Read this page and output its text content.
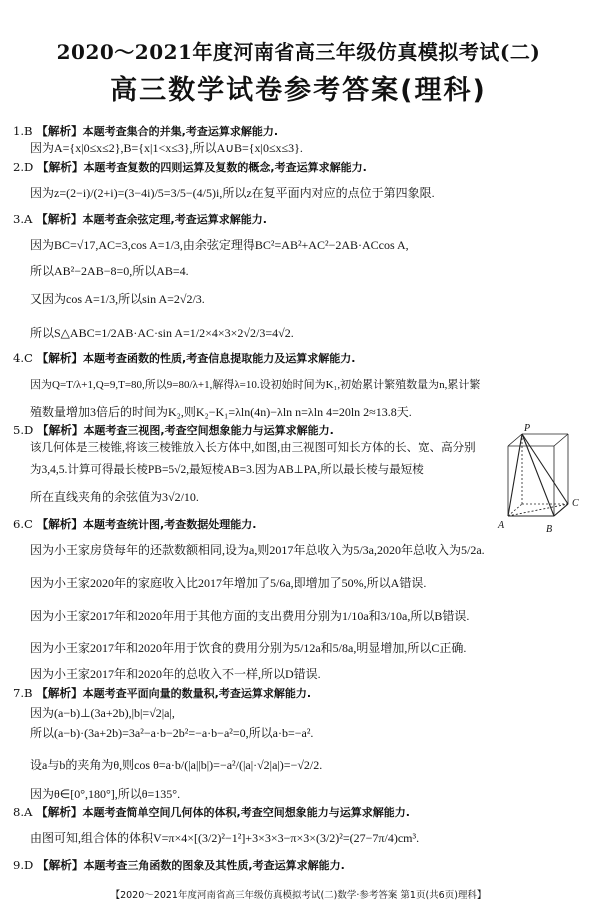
2020～2021年度河南省高三年级仿真模拟考试(二)
高三数学试卷参考答案(理科)
1.B 【解析】本题考查集合的并集,考查运算求解能力.
因为A={x|0≤x≤2},B={x|1<x≤3},所以A∪B={x|0≤x≤3}.
2.D 【解析】本题考查复数的四则运算及复数的概念,考查运算求解能力.
因为z=(2−i)/(2+i)=(3−4i)/5=3/5−(4/5)i,所以z在复平面内对应的点位于第四象限.
3.A 【解析】本题考查余弦定理,考查运算求解能力.
因为BC=√17,AC=3,cos A=1/3,由余弦定理得BC²=AB²+AC²−2AB·ACcos A,
所以AB²−2AB−8=0,所以AB=4.
又因为cos A=1/3,所以sin A=2√2/3.
所以S△ABC=1/2AB·AC·sin A=1/2×4×3×2√2/3=4√2.
4.C 【解析】本题考查函数的性质,考查信息提取能力及运算求解能力.
因为Q=T/λ+1,Q=9,T=80,所以9=80/λ+1,解得λ=10.设初始时间为K₁,初始累计繁殖数量为n,累计繁
殖数量增加3倍后的时间为K₂,则K₂−K₁=λln(4n)−λln n=λln 4=20ln 2≈13.8天.
5.D 【解析】本题考查三视图,考查空间想象能力与运算求解能力.
该几何体是三棱锥,将该三棱锥放入长方体中,如图,由三视图可知长方体的长、宽、高分别
为3,4,5.计算可得最长棱PB=5√2,最短棱AB=3.因为AB⊥PA,所以最长棱与最短棱
所在直线夹角的余弦值为3√2/10.
P
A	B
C
6.C 【解析】本题考查统计图,考查数据处理能力.
因为小王家房贷每年的还款数额相同,设为a,则2017年总收入为5/3a,2020年总收入为5/2a.
因为小王家2020年的家庭收入比2017年增加了5/6a,即增加了50%,所以A错误.
因为小王家2017年和2020年用于其他方面的支出费用分别为1/10a和3/10a,所以B错误.
因为小王家2017年和2020年用于饮食的费用分别为5/12a和5/8a,明显增加,所以C正确.
因为小王家2017年和2020年的总收入不一样,所以D错误.
7.B 【解析】本题考查平面向量的数量积,考查运算求解能力.
因为(a−b)⊥(3a+2b),|b|=√2|a|,
所以(a−b)·(3a+2b)=3a²−a·b−2b²=−a·b−a²=0,所以a·b=−a².
设a与b的夹角为θ,则cos θ=a·b/(|a||b|)=−a²/(|a|·√2|a|)=−√2/2.
因为θ∈[0°,180°],所以θ=135°.
8.A 【解析】本题考查简单空间几何体的体积,考查空间想象能力与运算求解能力.
由图可知,组合体的体积V=π×4×[(3/2)²−1²]+3×3×3−π×3×(3/2)²=(27−7π/4)cm³.
9.D 【解析】本题考查三角函数的图象及其性质,考查运算求解能力.
【2020～2021年度河南省高三年级仿真模拟考试(二)数学·参考答案 第1页(共6页)理科】
